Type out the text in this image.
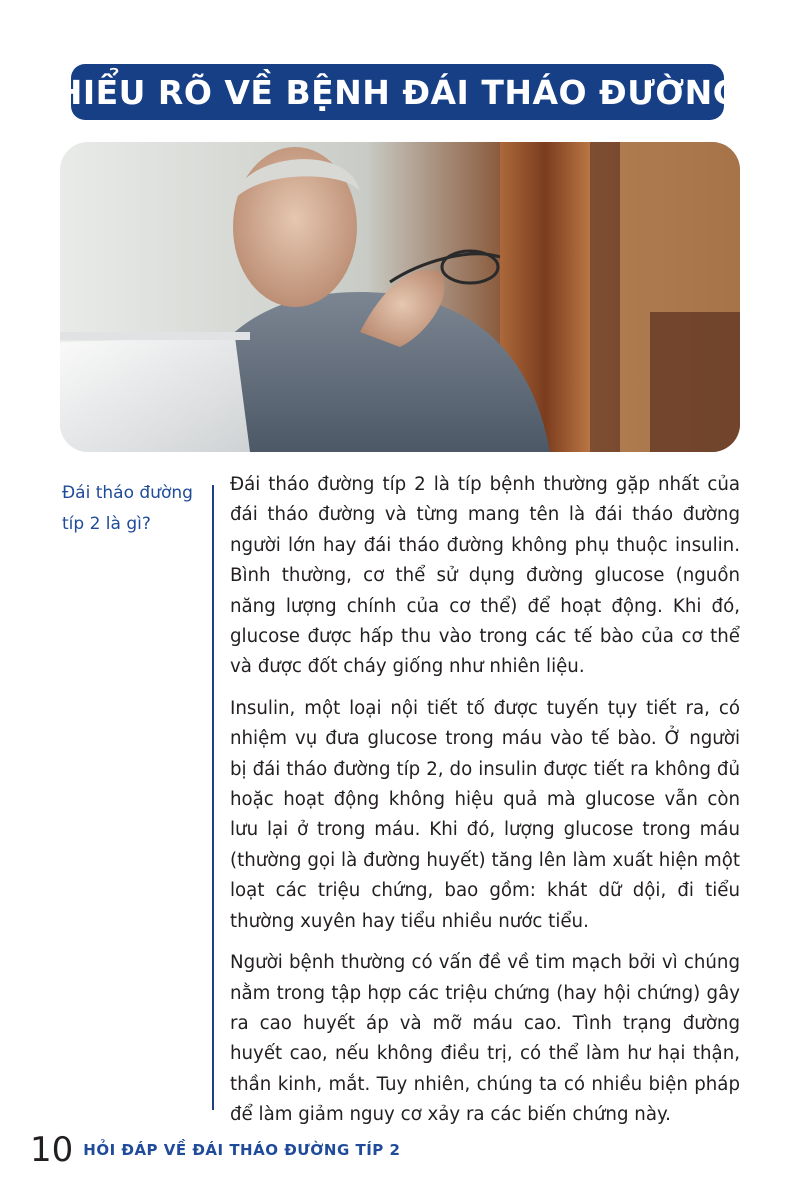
HIỂU RÕ VỀ BỆNH ĐÁI THÁO ĐƯỜNG
Đái tháo đường
típ 2 là gì?

Đái tháo đường típ 2 là típ bệnh thường gặp nhất của đái tháo đường và từng mang tên là đái tháo đường người lớn hay đái tháo đường không phụ thuộc insulin. Bình thường, cơ thể sử dụng đường glucose (nguồn năng lượng chính của cơ thể) để hoạt động. Khi đó, glucose được hấp thu vào trong các tế bào của cơ thể và được đốt cháy giống như nhiên liệu.

Insulin, một loại nội tiết tố được tuyến tụy tiết ra, có nhiệm vụ đưa glucose trong máu vào tế bào. Ở người bị đái tháo đường típ 2, do insulin được tiết ra không đủ hoặc hoạt động không hiệu quả mà glucose vẫn còn lưu lại ở trong máu. Khi đó, lượng glucose trong máu (thường gọi là đường huyết) tăng lên làm xuất hiện một loạt các triệu chứng, bao gồm: khát dữ dội, đi tiểu thường xuyên hay tiểu nhiều nước tiểu.

Người bệnh thường có vấn đề về tim mạch bởi vì chúng nằm trong tập hợp các triệu chứng (hay hội chứng) gây ra cao huyết áp và mỡ máu cao. Tình trạng đường huyết cao, nếu không điều trị, có thể làm hư hại thận, thần kinh, mắt. Tuy nhiên, chúng ta có nhiều biện pháp để làm giảm nguy cơ xảy ra các biến chứng này.

10 HỎI ĐÁP VỀ ĐÁI THÁO ĐƯỜNG TÍP 2
